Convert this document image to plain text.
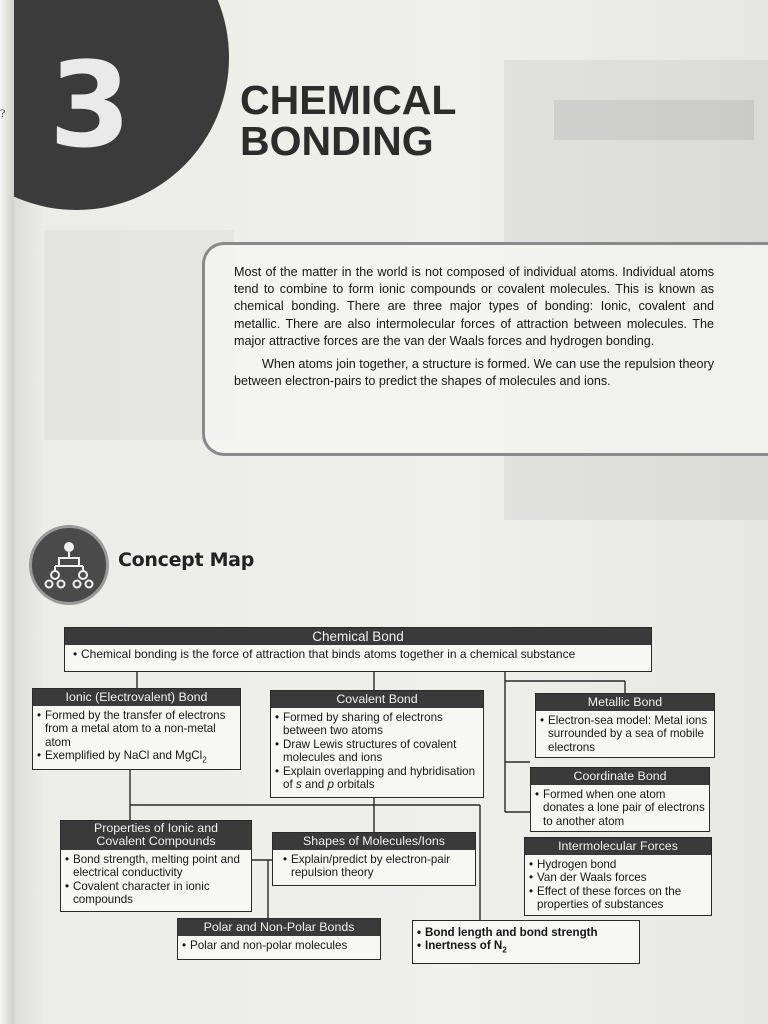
? 3	CHEMICAL
BONDING

Most of the matter in the world is not composed of individual atoms. Individual atoms tend to combine to form ionic compounds or covalent molecules. This is known as chemical bonding. There are three major types of bonding: Ionic, covalent and metallic. There are also intermolecular forces of attraction between molecules. The major attractive forces are the van der Waals forces and hydrogen bonding.

When atoms join together, a structure is formed. We can use the repulsion theory between electron-pairs to predict the shapes of molecules and ions.

Concept Map
Chemical Bond
• Chemical bonding is the force of attraction that binds atoms together in a chemical substance
Ionic (Electrovalent) Bond
• Formed by the transfer of electrons from a metal atom to a non-metal atom
• Exemplified by NaCl and MgCl$_2$
Covalent Bond
• Formed by sharing of electrons between two atoms
• Draw Lewis structures of covalent molecules and ions
• Explain overlapping and hybridisation of s and p orbitals
Metallic Bond
• Electron-sea model: Metal ions surrounded by a sea of mobile electrons
Coordinate Bond
• Formed when one atom donates a lone pair of electrons to another atom
Properties of Ionic and
Covalent Compounds
• Bond strength, melting point and electrical conductivity
• Covalent character in ionic compounds
Shapes of Molecules/Ions
• Explain/predict by electron-pair repulsion theory
Intermolecular Forces
• Hydrogen bond
• Van der Waals forces
• Effect of these forces on the properties of substances
Polar and Non-Polar Bonds
• Polar and non-polar molecules
• Bond length and bond strength
• Inertness of $N_2$
